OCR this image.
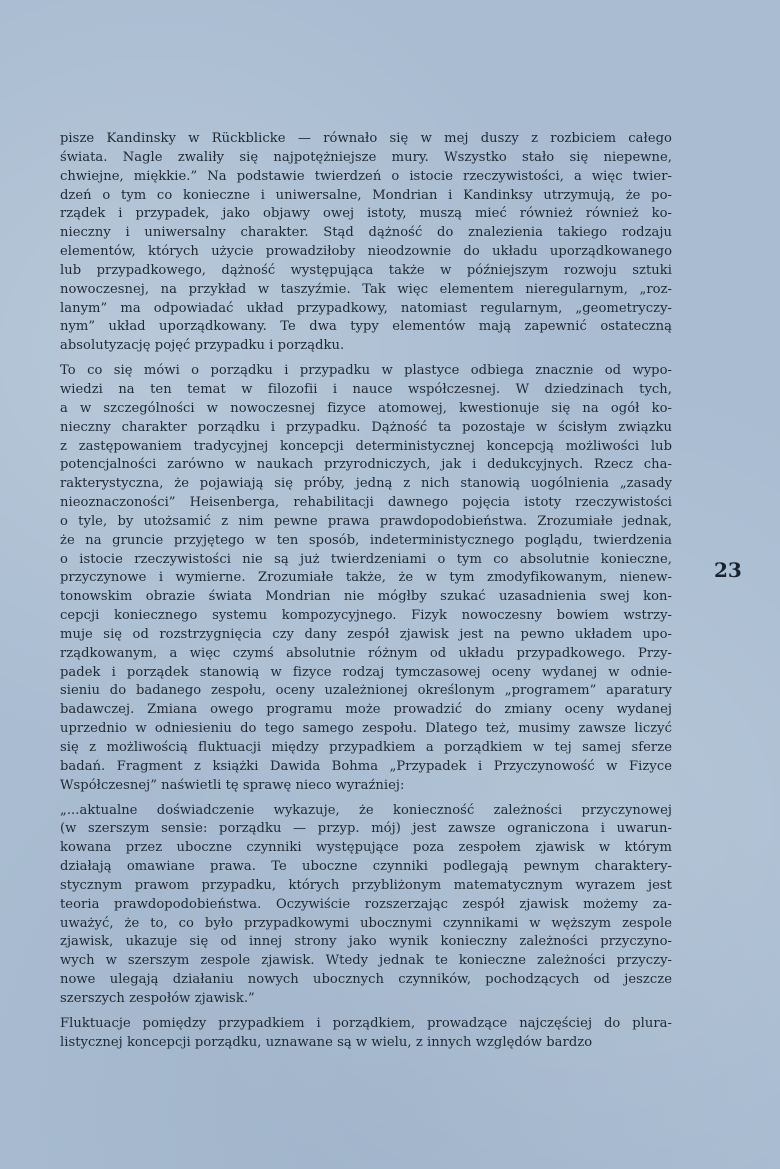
pisze Kandinsky w Rückblicke — równało się w mej duszy z rozbiciem całego
świata. Nagle zwaliły się najpotężniejsze mury. Wszystko stało się niepewne,
chwiejne, miękkie.” Na podstawie twierdzeń o istocie rzeczywistości, a więc twier-
dzeń o tym co konieczne i uniwersalne, Mondrian i Kandinksy utrzymują, że po-
rządek i przypadek, jako objawy owej istoty, muszą mieć również również ko-
nieczny i uniwersalny charakter. Stąd dążność do znalezienia takiego rodzaju
elementów, których użycie prowadziłoby nieodzownie do układu uporządkowanego
lub przypadkowego, dążność występująca także w późniejszym rozwoju sztuki
nowoczesnej, na przykład w taszyźmie. Tak więc elementem nieregularnym, „roz-
lanym” ma odpowiadać układ przypadkowy, natomiast regularnym, „geometryczy-
nym” układ uporządkowany. Te dwa typy elementów mają zapewnić ostateczną
absolutyzację pojęć przypadku i porządku.
To co się mówi o porządku i przypadku w plastyce odbiega znacznie od wypo-
wiedzi na ten temat w filozofii i nauce współczesnej. W dziedzinach tych,
a w szczególności w nowoczesnej fizyce atomowej, kwestionuje się na ogół ko-
nieczny charakter porządku i przypadku. Dążność ta pozostaje w ścisłym związku
z zastępowaniem tradycyjnej koncepcji deterministycznej koncepcją możliwości lub
potencjalności zarówno w naukach przyrodniczych, jak i dedukcyjnych. Rzecz cha-
rakterystyczna, że pojawiają się próby, jedną z nich stanowią uogólnienia „zasady
nieoznaczoności” Heisenberga, rehabilitacji dawnego pojęcia istoty rzeczywistości
o tyle, by utożsamić z nim pewne prawa prawdopodobieństwa. Zrozumiałe jednak,
że na gruncie przyjętego w ten sposób, indeterministycznego poglądu, twierdzenia
o istocie rzeczywistości nie są już twierdzeniami o tym co absolutnie konieczne,
przyczynowe i wymierne. Zrozumiałe także, że w tym zmodyfikowanym, nienew-
tonowskim obrazie świata Mondrian nie mógłby szukać uzasadnienia swej kon-
cepcji koniecznego systemu kompozycyjnego. Fizyk nowoczesny bowiem wstrzy-
muje się od rozstrzygnięcia czy dany zespół zjawisk jest na pewno układem upo-
rządkowanym, a więc czymś absolutnie różnym od układu przypadkowego. Przy-
padek i porządek stanowią w fizyce rodzaj tymczasowej oceny wydanej w odnie-
sieniu do badanego zespołu, oceny uzależnionej określonym „programem” aparatury
badawczej. Zmiana owego programu może prowadzić do zmiany oceny wydanej
uprzednio w odniesieniu do tego samego zespołu. Dlatego też, musimy zawsze liczyć
się z możliwością fluktuacji między przypadkiem a porządkiem w tej samej sferze
badań. Fragment z książki Dawida Bohma „Przypadek i Przyczynowość w Fizyce
Współczesnej” naświetli tę sprawę nieco wyraźniej:
„...aktualne doświadczenie wykazuje, że konieczność zależności przyczynowej
(w szerszym sensie: porządku — przyp. mój) jest zawsze ograniczona i uwarun-
kowana przez uboczne czynniki występujące poza zespołem zjawisk w którym
działają omawiane prawa. Te uboczne czynniki podlegają pewnym charaktery-
stycznym prawom przypadku, których przybliżonym matematycznym wyrazem jest
teoria prawdopodobieństwa. Oczywiście rozszerzając zespół zjawisk możemy za-
uważyć, że to, co było przypadkowymi ubocznymi czynnikami w węższym zespole
zjawisk, ukazuje się od innej strony jako wynik konieczny zależności przyczyno-
wych w szerszym zespole zjawisk. Wtedy jednak te konieczne zależności przyczy-
nowe ulegają działaniu nowych ubocznych czynników, pochodzących od jeszcze
szerszych zespołów zjawisk.”
Fluktuacje pomiędzy przypadkiem i porządkiem, prowadzące najczęściej do plura-
listycznej koncepcji porządku, uznawane są w wielu, z innych względów bardzo
23
